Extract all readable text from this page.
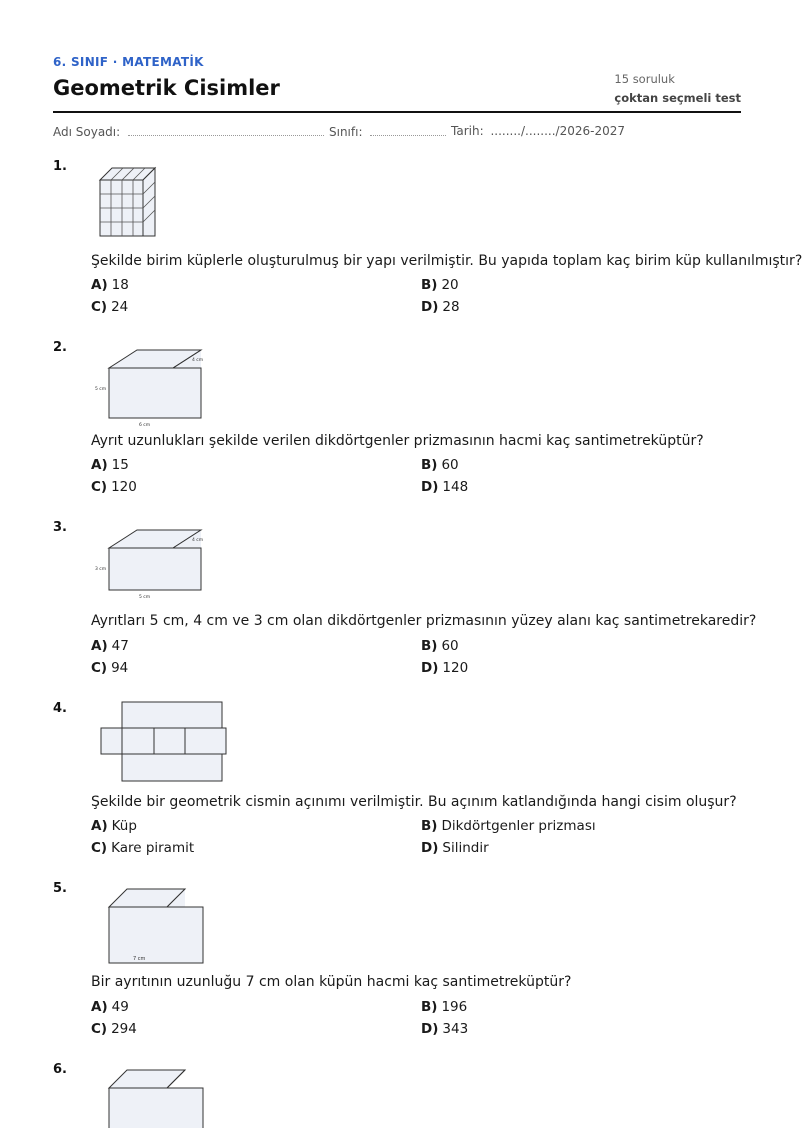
6. SINIF · MATEMATİK
Geometrik Cisimler	15 soruluk
çoktan seçmeli test
Adı Soyadı:	Sınıfı:	Tarih: ......../......../2026-2027
1.
Şekilde birim küplerle oluşturulmuş bir yapı verilmiştir. Bu yapıda toplam kaç birim küp kullanılmıştır?
A) 18	B) 20
C) 24	D) 28
2.
4 cm
5 cm
6 cm
Ayrıt uzunlukları şekilde verilen dikdörtgenler prizmasının hacmi kaç santimetreküptür?
A) 15	B) 60
C) 120	D) 148
3.
4 cm
3 cm
5 cm
Ayrıtları 5 cm, 4 cm ve 3 cm olan dikdörtgenler prizmasının yüzey alanı kaç santimetrekaredir?
A) 47	B) 60
C) 94	D) 120
4.
Şekilde bir geometrik cismin açınımı verilmiştir. Bu açınım katlandığında hangi cisim oluşur?
A) Küp	B) Dikdörtgenler prizması
C) Kare piramit	D) Silindir
5.
7 cm
Bir ayrıtının uzunluğu 7 cm olan küpün hacmi kaç santimetreküptür?
A) 49	B) 196
C) 294	D) 343
6.
